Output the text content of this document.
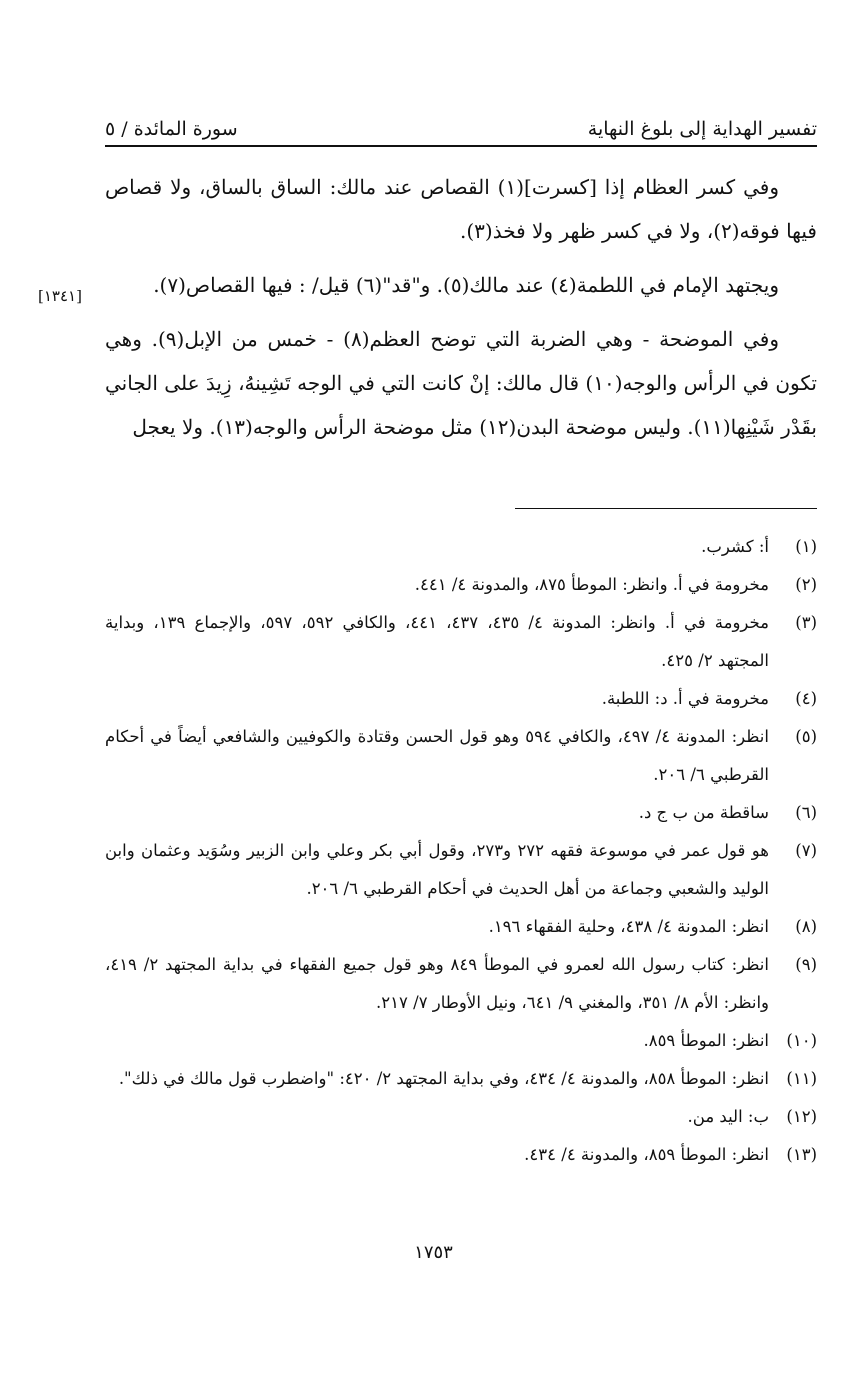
تفسير الهداية إلى بلوغ النهاية
سورة المائدة / ٥

وفي كسر العظام إذا [كسرت](١) القصاص عند مالك: الساق بالساق، ولا قصاص فيها فوقه(٢)، ولا في كسر ظهر ولا فخذ(٣).

ويجتهد الإمام في اللطمة(٤) عند مالك(٥). و"قد"(٦) قيل/ : فيها القصاص(٧).

وفي الموضحة - وهي الضربة التي توضح العظم(٨) - خمس من الإبل(٩). وهي تكون في الرأس والوجه(١٠) قال مالك: إنْ كانت التي في الوجه تَشِينهُ، زِيدَ على الجاني بقَدْر شَيْنِها(١١). وليس موضحة البدن(١٢) مثل موضحة الرأس والوجه(١٣). ولا يعجل

[١٣٤١]
(١)
أ: كشرب.
(٢)
مخرومة في أ. وانظر: الموطأ ٨٧٥، والمدونة ٤/ ٤٤١.
(٣)
مخرومة في أ. وانظر: المدونة ٤/ ٤٣٥، ٤٣٧، ٤٤١، والكافي ٥٩٢، ٥٩٧، والإجماع ١٣٩، وبداية المجتهد ٢/ ٤٢٥.
(٤)
مخرومة في أ. د: اللطبة.
(٥)
انظر: المدونة ٤/ ٤٩٧، والكافي ٥٩٤ وهو قول الحسن وقتادة والكوفيين والشافعي أيضاً في أحكام القرطبي ٦/ ٢٠٦.
(٦)
ساقطة من ب ج د.
(٧)
هو قول عمر في موسوعة فقهه ٢٧٢ و٢٧٣، وقول أبي بكر وعلي وابن الزبير وسُوَيد وعثمان وابن الوليد والشعبي وجماعة من أهل الحديث في أحكام القرطبي ٦/ ٢٠٦.
(٨)
انظر: المدونة ٤/ ٤٣٨، وحلية الفقهاء ١٩٦.
(٩)
انظر: كتاب رسول الله لعمرو في الموطأ ٨٤٩ وهو قول جميع الفقهاء في بداية المجتهد ٢/ ٤١٩، وانظر: الأم ٨/ ٣٥١، والمغني ٩/ ٦٤١، ونيل الأوطار ٧/ ٢١٧.
(١٠)
انظر: الموطأ ٨٥٩.
(١١)
انظر: الموطأ ٨٥٨، والمدونة ٤/ ٤٣٤، وفي بداية المجتهد ٢/ ٤٢٠: "واضطرب قول مالك في ذلك".
(١٢)
ب: اليد من.
(١٣)
انظر: الموطأ ٨٥٩، والمدونة ٤/ ٤٣٤.
١٧٥٣
